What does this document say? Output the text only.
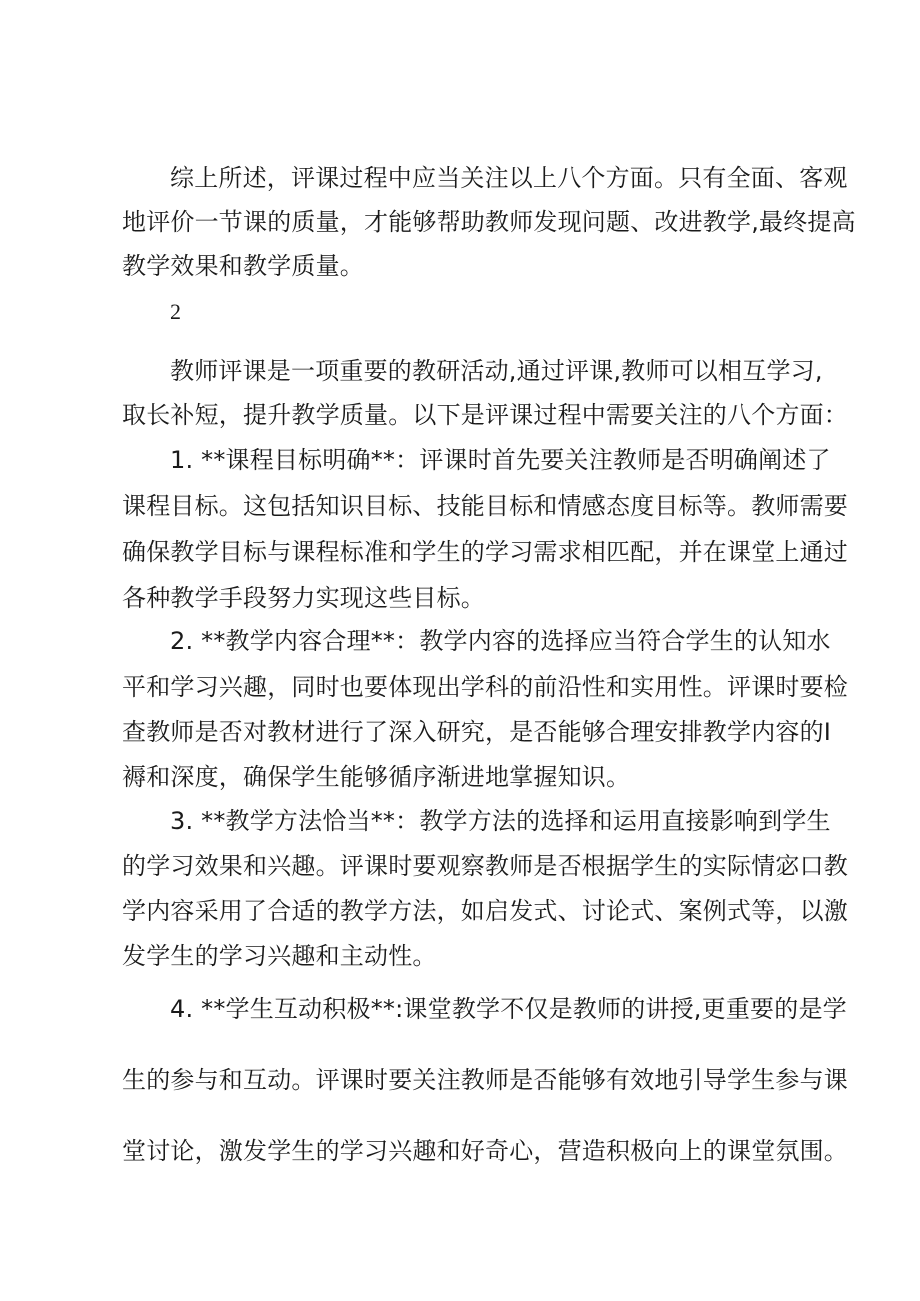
综上所述，评课过程中应当关注以上八个方面。只有全面、客观
地评价一节课的质量，才能够帮助教师发现问题、改进教学,最终提高
教学效果和教学质量。
2
教师评课是一项重要的教研活动,通过评课,教师可以相互学习,
取长补短，提升教学质量。以下是评课过程中需要关注的八个方面：
1. **课程目标明确**：评课时首先要关注教师是否明确阐述了
课程目标。这包括知识目标、技能目标和情感态度目标等。教师需要
确保教学目标与课程标准和学生的学习需求相匹配，并在课堂上通过
各种教学手段努力实现这些目标。
2. **教学内容合理**：教学内容的选择应当符合学生的认知水
平和学习兴趣，同时也要体现出学科的前沿性和实用性。评课时要检
查教师是否对教材进行了深入研究，是否能够合理安排教学内容的I
褥和深度，确保学生能够循序渐进地掌握知识。
3. **教学方法恰当**：教学方法的选择和运用直接影响到学生
的学习效果和兴趣。评课时要观察教师是否根据学生的实际情宓口教
学内容采用了合适的教学方法，如启发式、讨论式、案例式等，以激
发学生的学习兴趣和主动性。
4. **学生互动积极**:课堂教学不仅是教师的讲授,更重要的是学
生的参与和互动。评课时要关注教师是否能够有效地引导学生参与课
堂讨论，激发学生的学习兴趣和好奇心，营造积极向上的课堂氛围。
